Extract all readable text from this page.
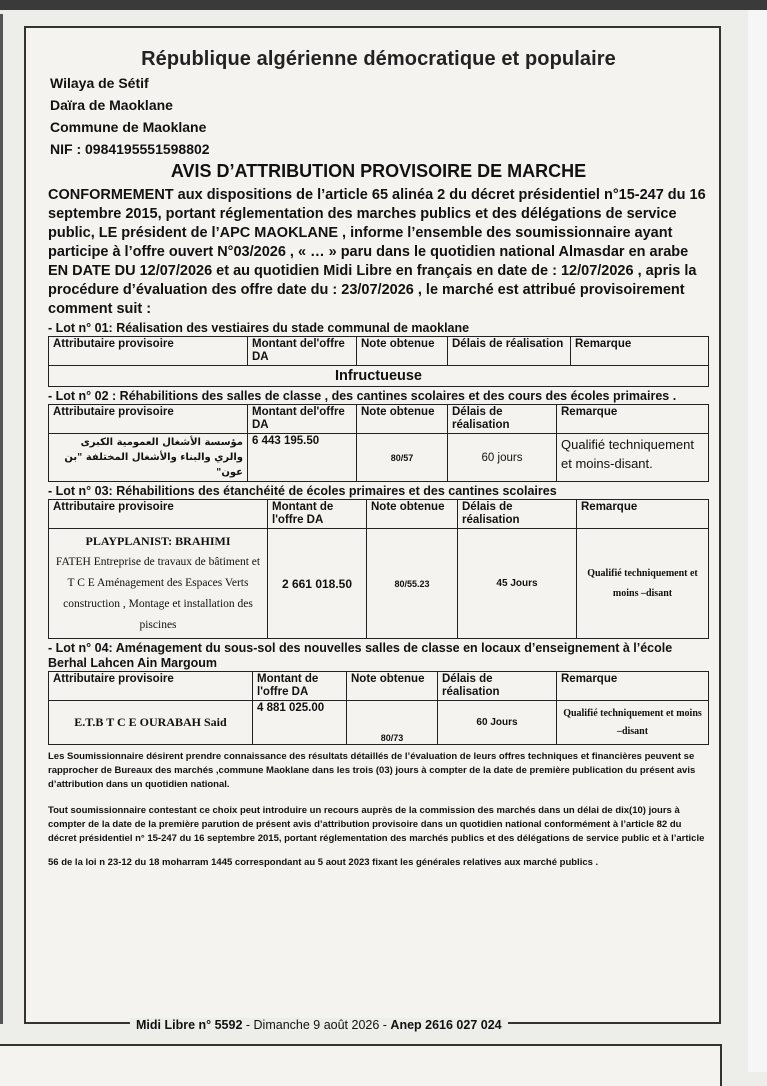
République algérienne démocratique et populaire
Wilaya de Sétif
Daïra de Maoklane
Commune de Maoklane
NIF : 0984195551598802
AVIS D’ATTRIBUTION PROVISOIRE DE MARCHE
CONFORMEMENT aux dispositions de l’article 65 alinéa 2 du décret présidentiel n°15-247 du 16 septembre 2015, portant réglementation des marches publics et des délégations de service public, LE président de l’APC MAOKLANE , informe l’ensemble des soumissionnaire ayant participe à l’offre ouvert N°03/2026 , « … » paru dans le quotidien national Almasdar en arabe EN DATE DU 12/07/2026 et au quotidien Midi Libre en français en date de : 12/07/2026 , apris la procédure d’évaluation des offre date du : 23/07/2026 , le marché est attribué provisoirement comment suit :
- Lot n° 01: Réalisation des vestiaires du stade communal de maoklane
Attributaire provisoire	Montant del'offre DA	Note obtenue	Délais de réalisation	Remarque
Infructueuse
- Lot n° 02 : Réhabilitions des salles de classe , des cantines scolaires et des cours des écoles primaires .
Attributaire provisoire	Montant del'offre DA	Note obtenue	Délais de réalisation	Remarque
مؤسسة الأشغال العمومية الكبرى والري والبناء والأشغال المختلفة "بن عون"	6 443 195.50	80/57	60 jours	Qualifié techniquement et moins-disant.
- Lot n° 03: Réhabilitions des étanchéité de écoles primaires et des cantines scolaires
Attributaire provisoire	Montant de l'offre DA	Note obtenue	Délais de réalisation	Remarque

PLAYPLANIST: BRAHIMI
FATEH Entreprise de travaux de bâtiment et T C E Aménagement des Espaces Verts construction , Montage et installation des piscines	2 661 018.50	80/55.23	45 Jours	Qualifié techniquement et moins –disant
- Lot n° 04: Aménagement du sous-sol des nouvelles salles de classe en locaux d’enseignement à l’école Berhal Lahcen Ain Margoum
Attributaire provisoire	Montant de l'offre DA	Note obtenue	Délais de réalisation	Remarque
E.T.B T C E OURABAH Said	4 881 025.00	80/73	60 Jours	Qualifié techniquement et moins –disant
Les Soumissionnaire désirent prendre connaissance des résultats détaillés de l’évaluation de leurs offres techniques et financières peuvent se rapprocher de Bureaux des marchés ,commune Maoklane dans les trois (03) jours à compter de la date de première publication du présent avis d’attribution dans un quotidien national.
Tout soumissionnaire contestant ce choix peut introduire un recours auprès de la commission des marchés dans un délai de dix(10) jours à compter de la date de la première parution de présent avis d’attribution provisoire dans un quotidien national conformément à l’article 82 du décret présidentiel n° 15-247 du 16 septembre 2015, portant réglementation des marchés publics et des délégations de service public et à l’article
56 de la loi n 23-12 du 18 moharram 1445 correspondant au 5 aout 2023 fixant les générales relatives aux marché publics .
Midi Libre n° 5592 - Dimanche 9 août 2026 - Anep 2616 027 024
